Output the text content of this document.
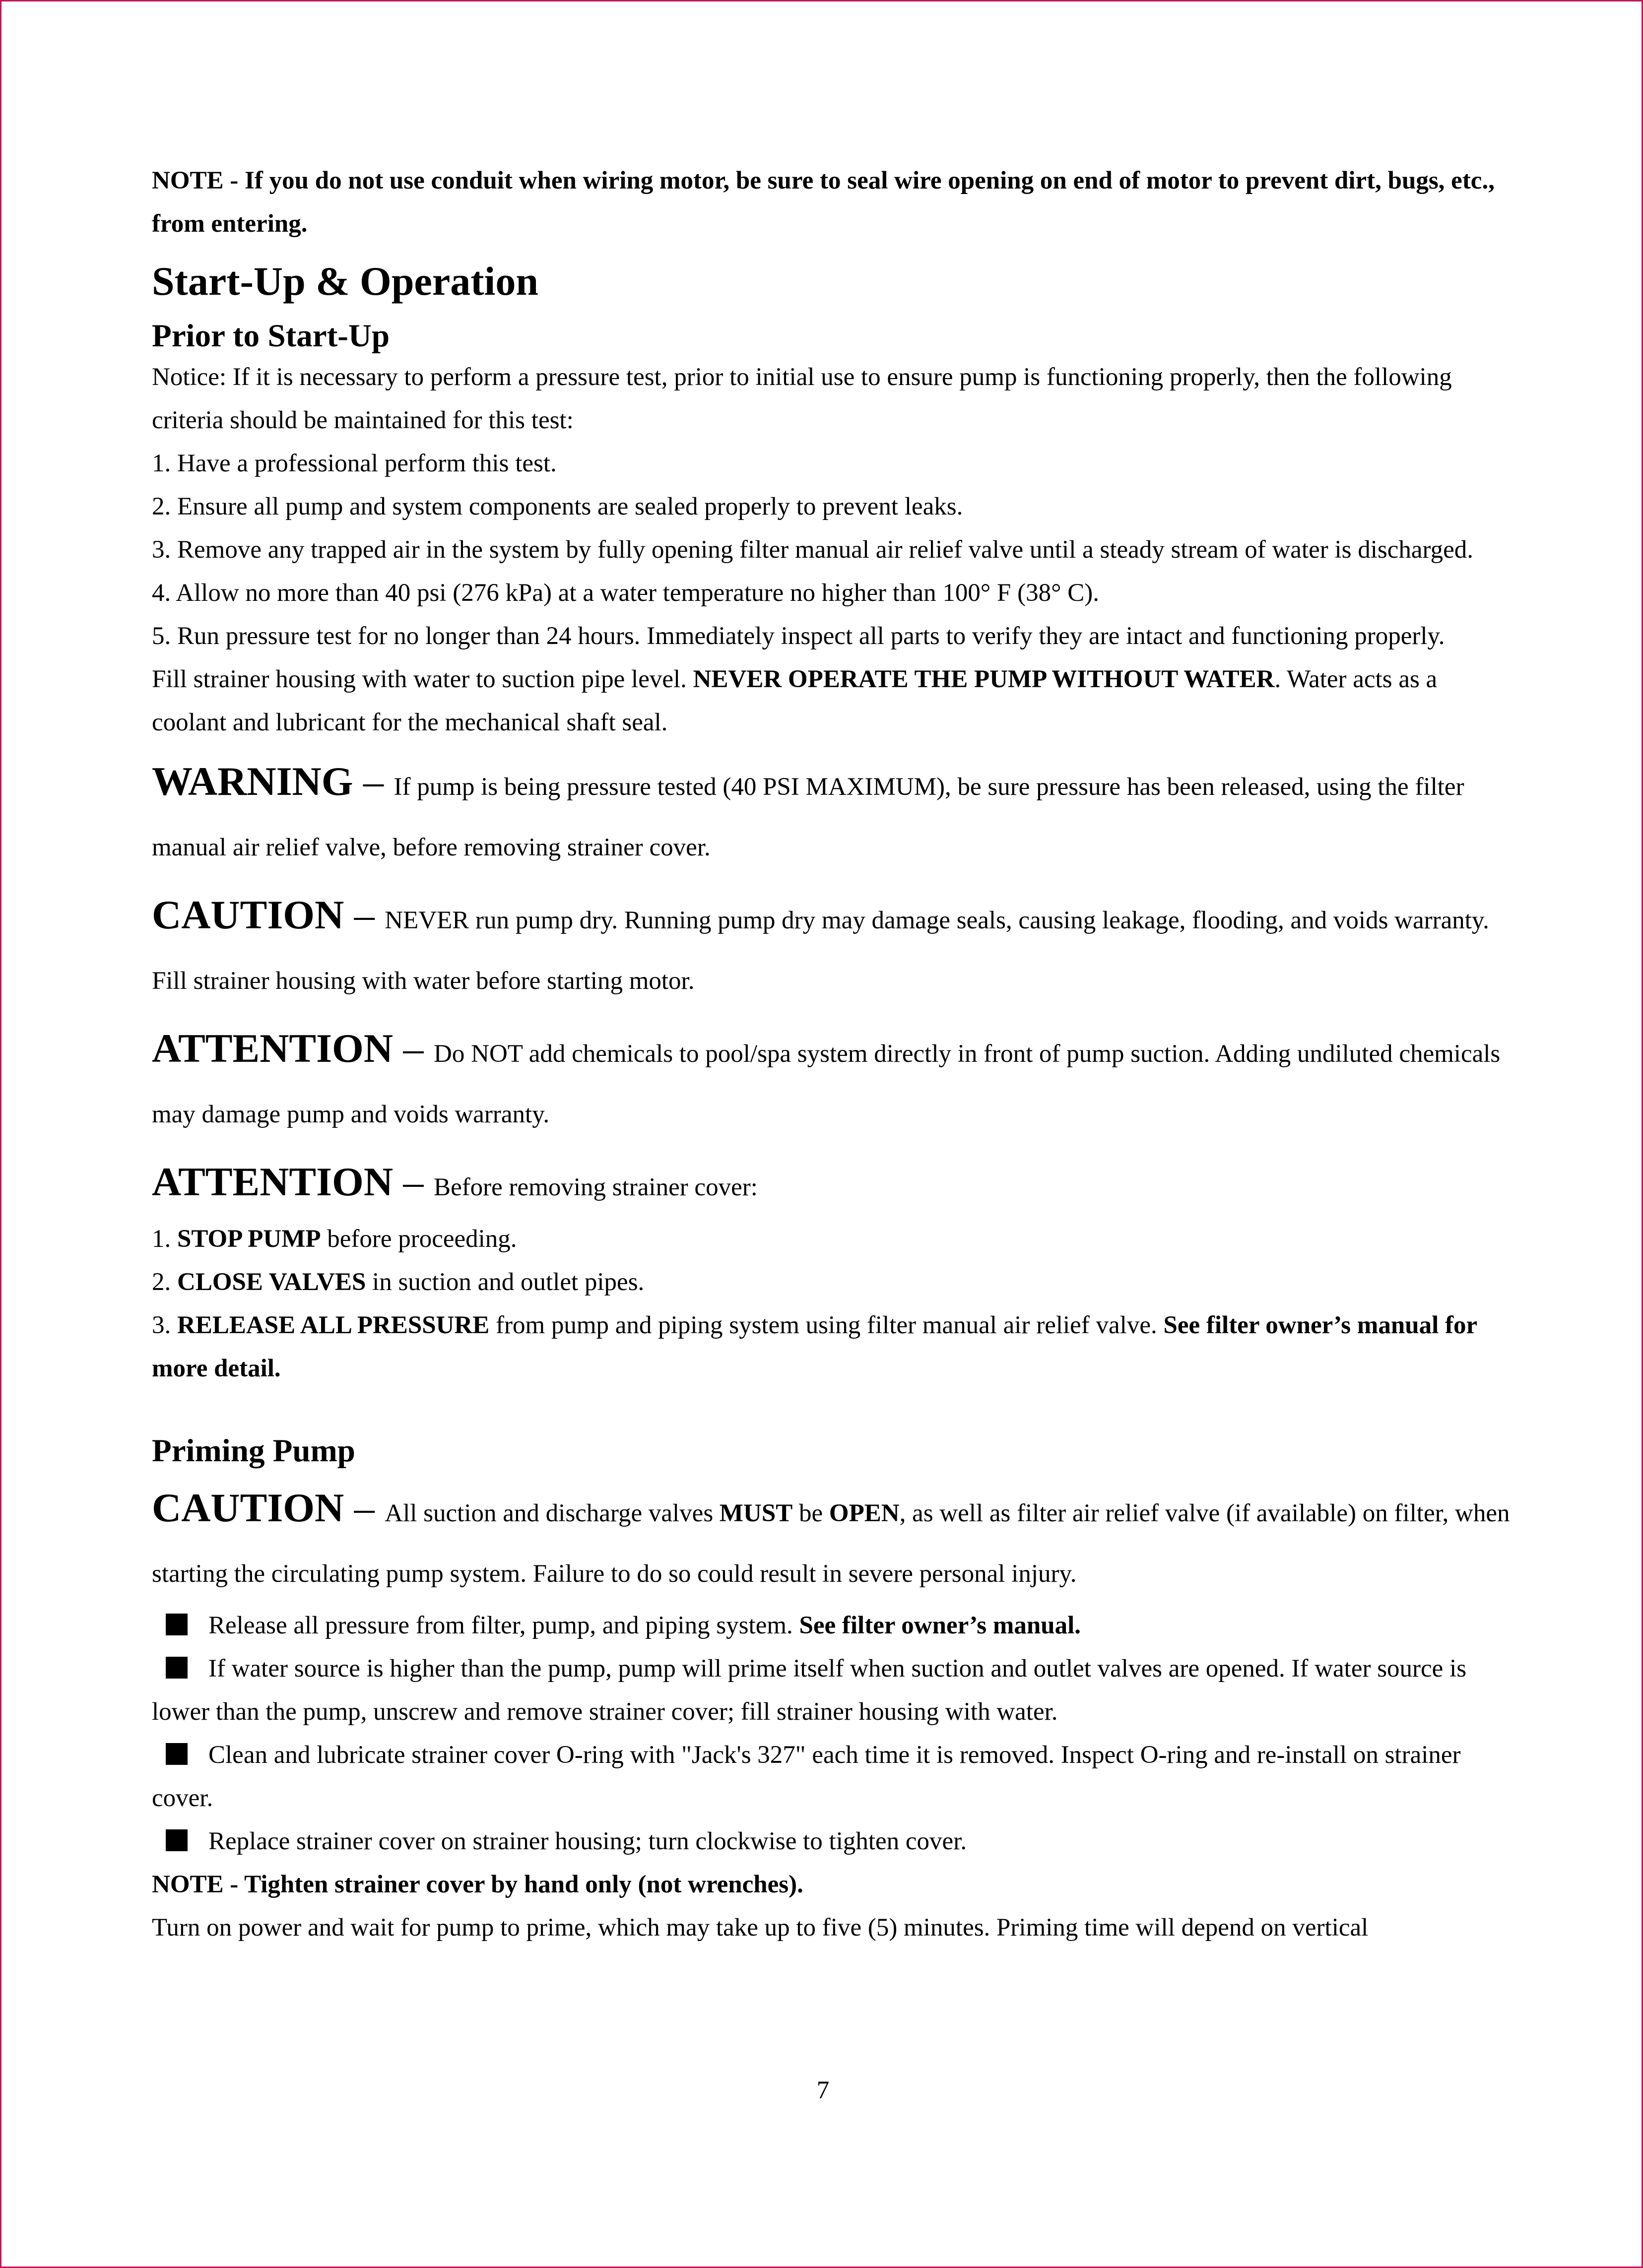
NOTE - If you do not use conduit when wiring motor, be sure to seal wire opening on end of motor to prevent dirt, bugs, etc., from entering.

Start-Up & Operation

Prior to Start-Up

Notice: If it is necessary to perform a pressure test, prior to initial use to ensure pump is functioning properly, then the following criteria should be maintained for this test:

1. Have a professional perform this test.

2. Ensure all pump and system components are sealed properly to prevent leaks.

3. Remove any trapped air in the system by fully opening filter manual air relief valve until a steady stream of water is discharged.

4. Allow no more than 40 psi (276 kPa) at a water temperature no higher than 100° F (38° C).

5. Run pressure test for no longer than 24 hours. Immediately inspect all parts to verify they are intact and functioning properly.

Fill strainer housing with water to suction pipe level. NEVER OPERATE THE PUMP WITHOUT WATER. Water acts as a coolant and lubricant for the mechanical shaft seal.

WARNING – If pump is being pressure tested (40 PSI MAXIMUM), be sure pressure has been released, using the filter manual air relief valve, before removing strainer cover.

CAUTION – NEVER run pump dry. Running pump dry may damage seals, causing leakage, flooding, and voids warranty. Fill strainer housing with water before starting motor.

ATTENTION – Do NOT add chemicals to pool/spa system directly in front of pump suction. Adding undiluted chemicals may damage pump and voids warranty.

ATTENTION – Before removing strainer cover:

1. STOP PUMP before proceeding.

2. CLOSE VALVES in suction and outlet pipes.

3. RELEASE ALL PRESSURE from pump and piping system using filter manual air relief valve. See filter owner’s manual for more detail.

Priming Pump

CAUTION – All suction and discharge valves MUST be OPEN, as well as filter air relief valve (if available) on filter, when starting the circulating pump system. Failure to do so could result in severe personal injury.

Release all pressure from filter, pump, and piping system. See filter owner’s manual.

If water source is higher than the pump, pump will prime itself when suction and outlet valves are opened. If water source is lower than the pump, unscrew and remove strainer cover; fill strainer housing with water.

Clean and lubricate strainer cover O-ring with "Jack's 327" each time it is removed. Inspect O-ring and re-install on strainer cover.

Replace strainer cover on strainer housing; turn clockwise to tighten cover.

NOTE - Tighten strainer cover by hand only (not wrenches).

Turn on power and wait for pump to prime, which may take up to five (5) minutes. Priming time will depend on vertical

7
